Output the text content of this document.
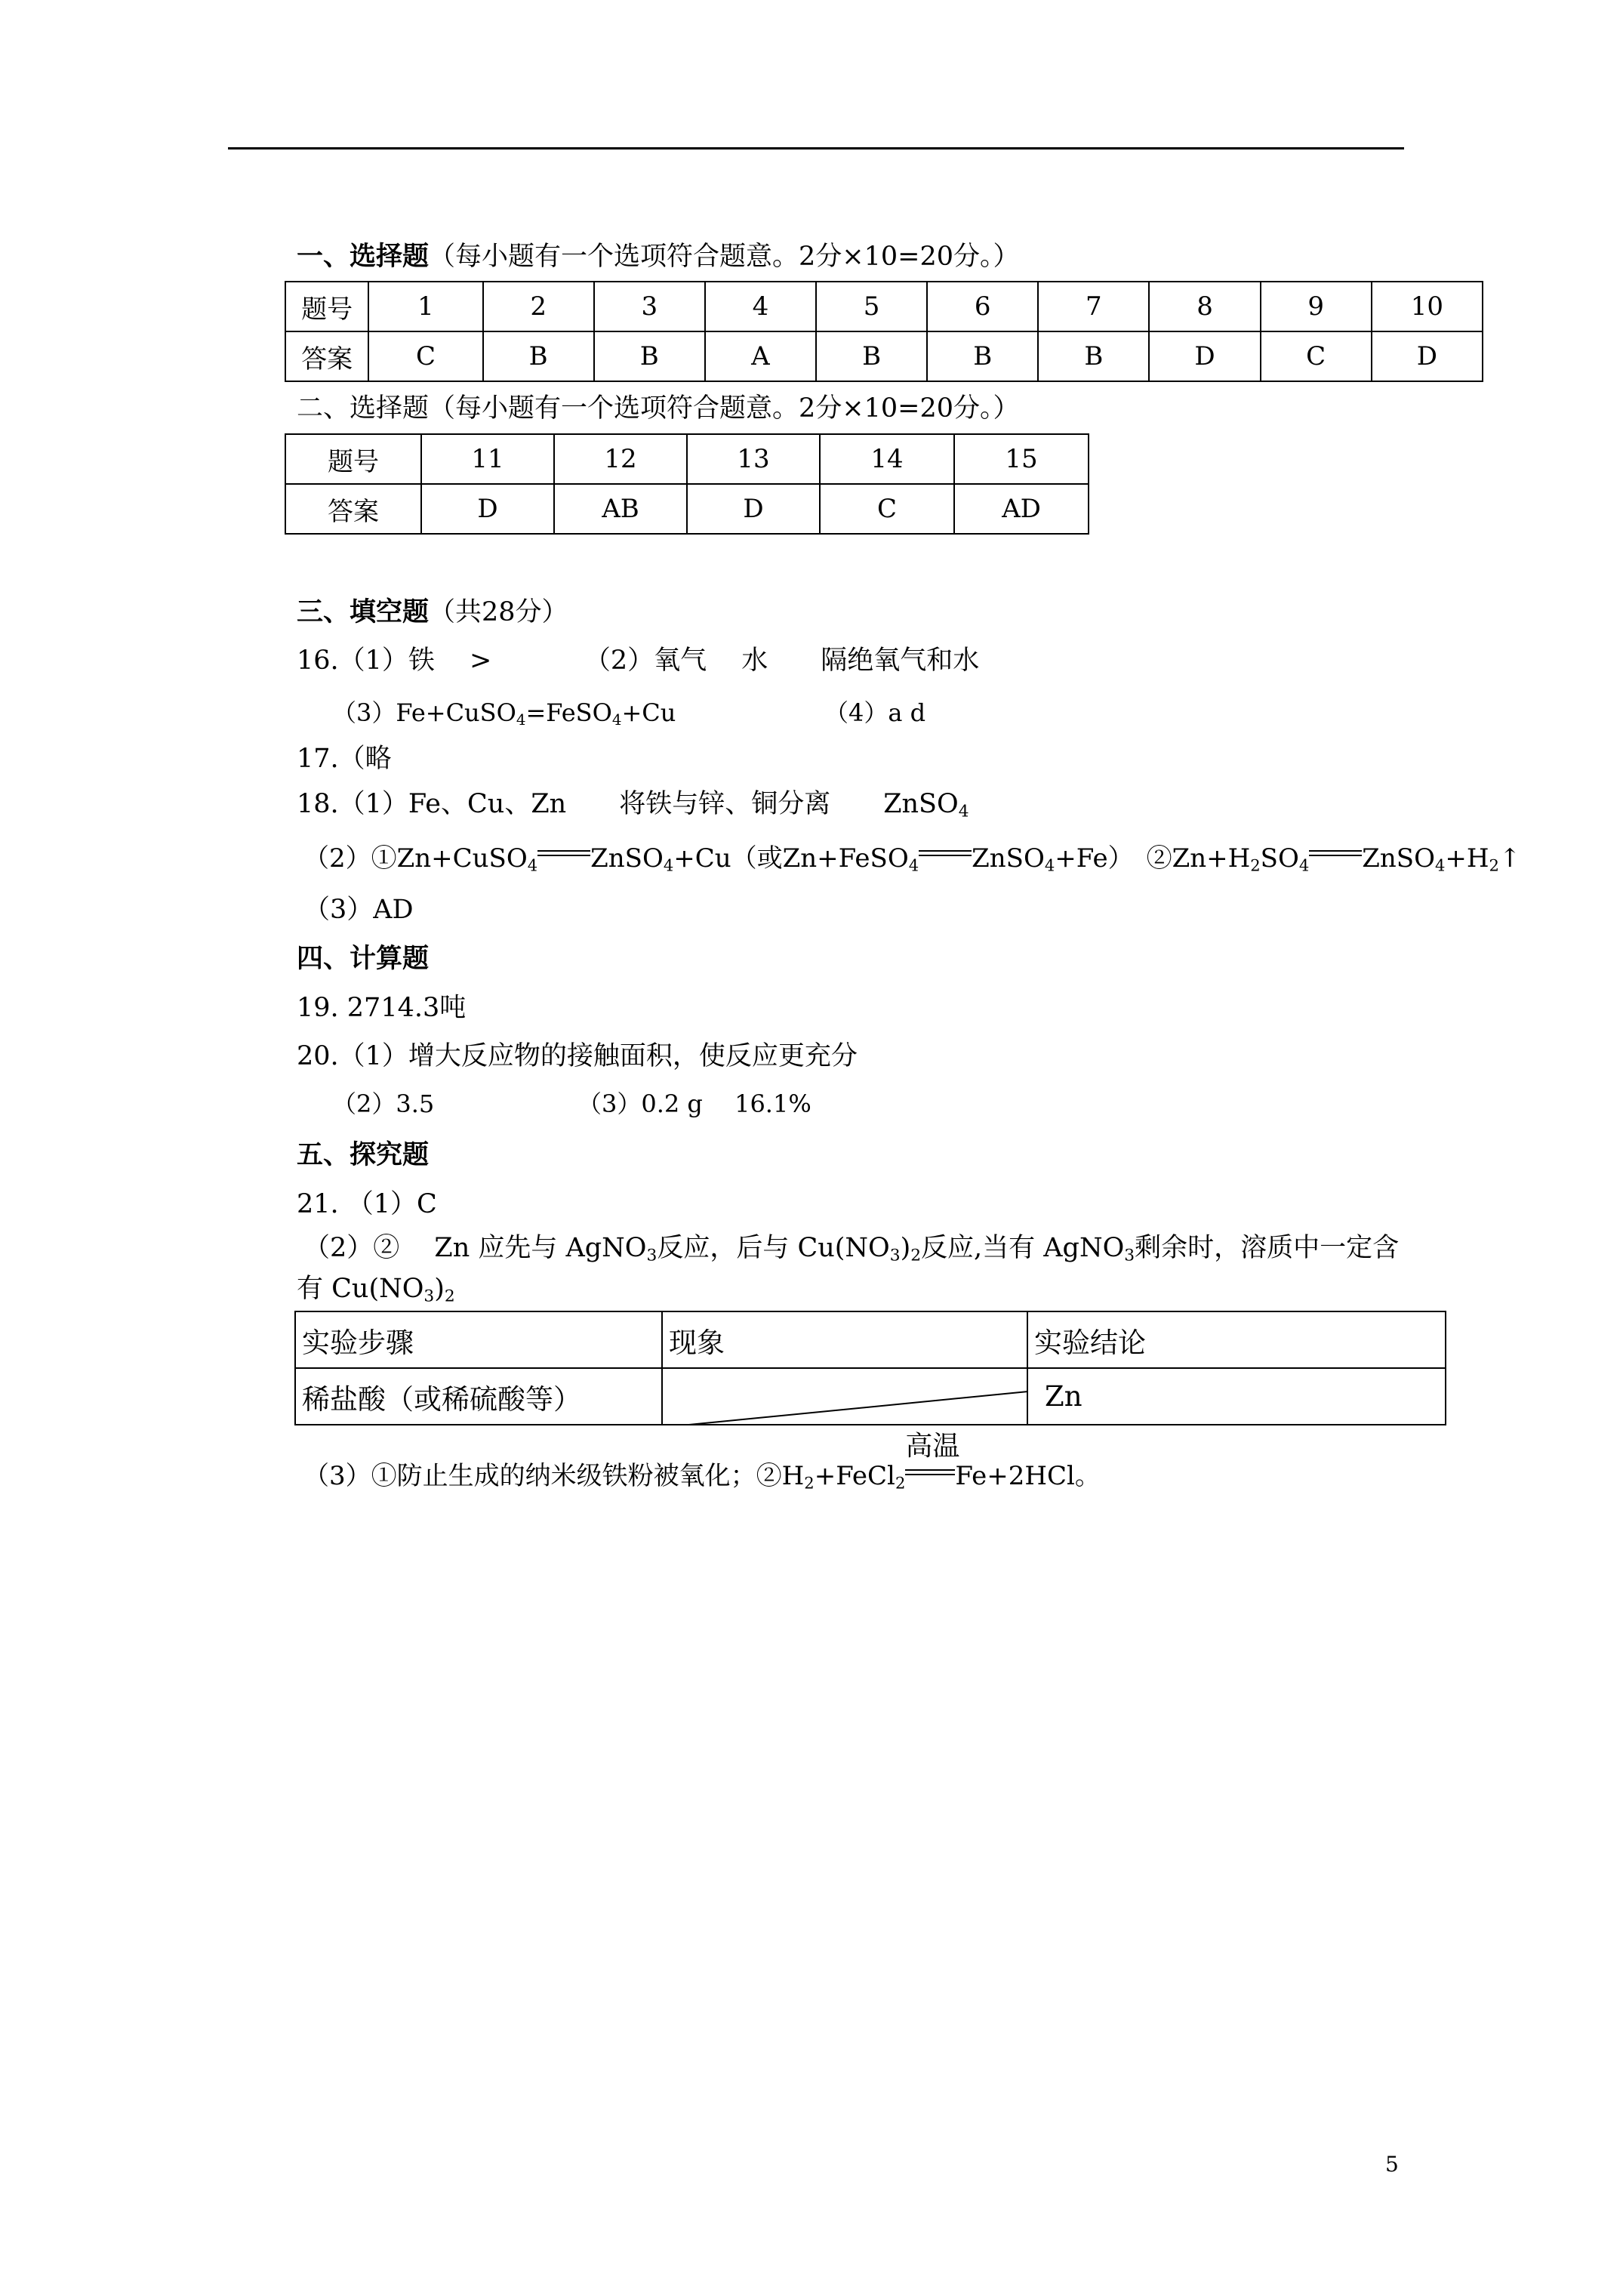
一、选择题（每小题有一个选项符合题意。2分×10=20分。）
题号	1	2	3	4	5	6	7	8	9	10
答案	C	B	B	A	B	B	B	D	C	D
二、选择题（每小题有一个选项符合题意。2分×10=20分。）
题号	11	12	13	14	15
答案	D	AB	D	C	AD
三、填空题（共28分）
16.（1）铁　 >　　　　（2）氧气　 水　　隔绝氧气和水
（3）Fe+CuSO$_4$=FeSO$_4$+Cu	（4）a d
17.（略
18.（1）Fe、Cu、Zn　　将铁与锌、铜分离　　ZnSO$_4$
（2）①Zn+CuSO$_4$ ZnSO$_4$+Cu（或Zn+FeSO$_4$ ZnSO$_4$+Fe）　$②Zn+H_2SO_4$ $ZnSO_4+H_2↑$
（3）AD
四、计算题
19. 2714.3吨
20.（1）增大反应物的接触面积，使反应更充分
（2）3.5	（3）0.2 g　 16.1%
五、探究题
21. （1）C
（2）②　 Zn 应先与 AgNO$_3$反应，后与 $Cu(NO_3)_2$反应,当有 AgNO$_3$剩余时，溶质中一定含
有 $Cu(NO_3)_2$
实验步骤	现象	实验结论
稀盐酸（或稀硫酸等）		Zn
（3）①防止生成的纳米级铁粉被氧化；$②H_2+FeCl_2$
高温
Fe+2HCl。
5
